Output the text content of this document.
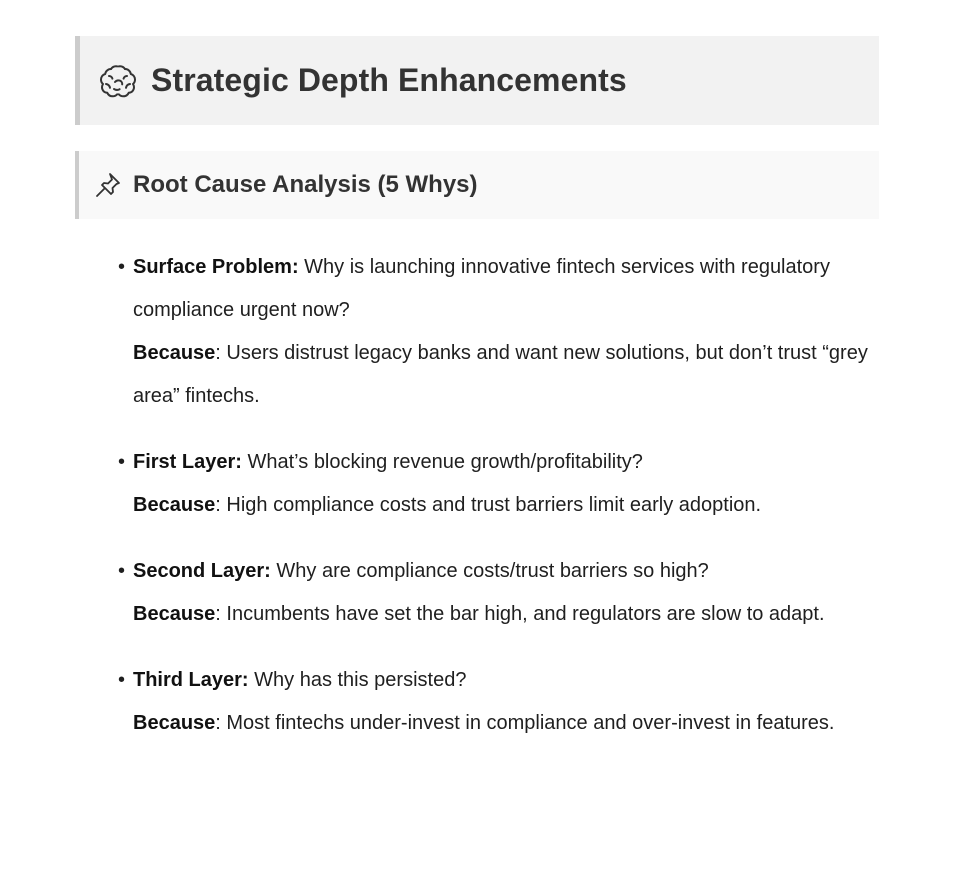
Strategic Depth Enhancements
Root Cause Analysis (5 Whys)
• Surface Problem: Why is launching innovative fintech services with regulatory compliance urgent now?
Because: Users distrust legacy banks and want new solutions, but don’t trust “grey area” fintechs.
• First Layer: What’s blocking revenue growth/profitability?
Because: High compliance costs and trust barriers limit early adoption.
• Second Layer: Why are compliance costs/trust barriers so high?
Because: Incumbents have set the bar high, and regulators are slow to adapt.
• Third Layer: Why has this persisted?
Because: Most fintechs under-invest in compliance and over-invest in features.
